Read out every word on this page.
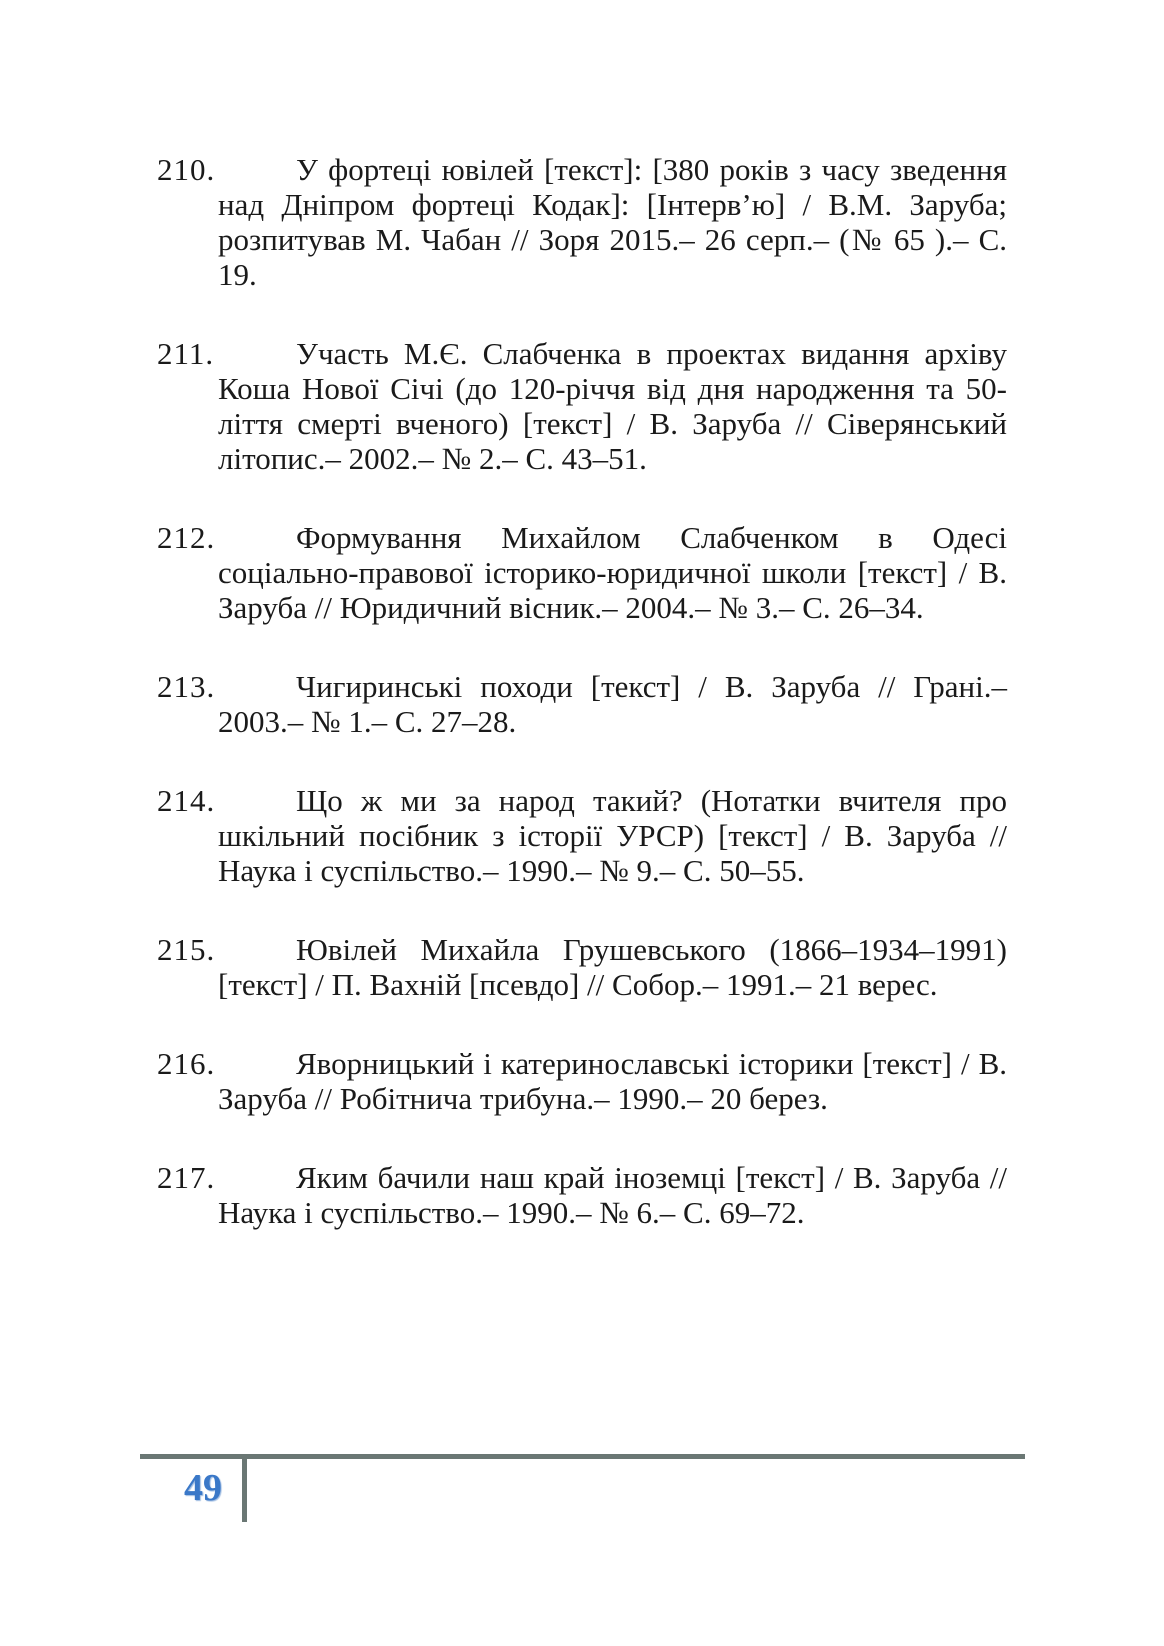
210.	У фортеці ювілей [текст]: [380 років з часу зведення над Дніпром фортеці Кодак]: [Інтерв’ю] / В.М. Заруба; розпитував М. Чабан // Зоря 2015.– 26 серп.– (№ 65 ).– С. 19.
211.	Участь М.Є. Слабченка в проектах видання архіву Коша Нової Січі (до 120-річчя від дня народження та 50-ліття смерті вченого) [текст] / В. Заруба // Сіверянський літопис.– 2002.– № 2.– С. 43–51.
212.	Формування Михайлом Слабченком в Одесі соціально-правової історико-юридичної школи [текст] / В. Заруба // Юридичний вісник.– 2004.– № 3.– С. 26–34.
213.	Чигиринські походи [текст] / В. Заруба // Грані.– 2003.– № 1.– С. 27–28.
214.	Що ж ми за народ такий? (Нотатки вчителя про шкільний посібник з історії УРСР) [текст] / В. Заруба // Наука і суспільство.– 1990.– № 9.– С. 50–55.
215.	Ювілей Михайла Грушевського (1866–1934–1991) [текст] / П. Вахній [псевдо] // Собор.– 1991.– 21 верес.
216.	Яворницький і катеринославські історики [текст] / В. Заруба // Робітнича трибуна.– 1990.– 20 берез.
217.	Яким бачили наш край іноземці [текст] / В. Заруба // Наука і суспільство.– 1990.– № 6.– С. 69–72.
49
